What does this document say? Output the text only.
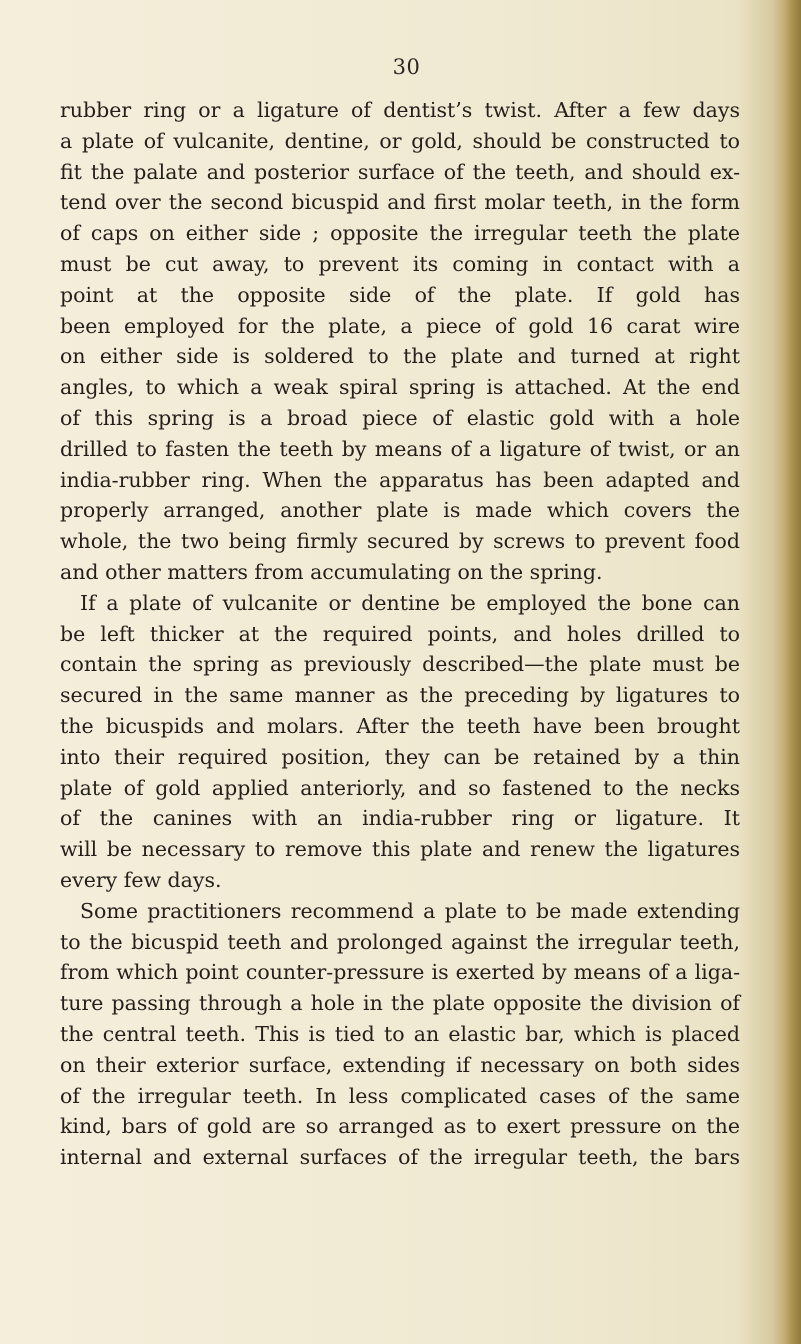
30
rubber ring or a ligature of dentist’s twist. After a few days
a plate of vulcanite, dentine, or gold, should be constructed to
fit the palate and posterior surface of the teeth, and should ex-
tend over the second bicuspid and first molar teeth, in the form
of caps on either side ; opposite the irregular teeth the plate
must be cut away, to prevent its coming in contact with a
point at the opposite side of the plate. If gold has
been employed for the plate, a piece of gold 16 carat wire
on either side is soldered to the plate and turned at right
angles, to which a weak spiral spring is attached. At the end
of this spring is a broad piece of elastic gold with a hole
drilled to fasten the teeth by means of a ligature of twist, or an
india-rubber ring. When the apparatus has been adapted and
properly arranged, another plate is made which covers the
whole, the two being firmly secured by screws to prevent food
and other matters from accumulating on the spring.
If a plate of vulcanite or dentine be employed the bone can
be left thicker at the required points, and holes drilled to
contain the spring as previously described—the plate must be
secured in the same manner as the preceding by ligatures to
the bicuspids and molars. After the teeth have been brought
into their required position, they can be retained by a thin
plate of gold applied anteriorly, and so fastened to the necks
of the canines with an india-rubber ring or ligature. It
will be necessary to remove this plate and renew the ligatures
every few days.
Some practitioners recommend a plate to be made extending
to the bicuspid teeth and prolonged against the irregular teeth,
from which point counter-pressure is exerted by means of a liga-
ture passing through a hole in the plate opposite the division of
the central teeth. This is tied to an elastic bar, which is placed
on their exterior surface, extending if necessary on both sides
of the irregular teeth. In less complicated cases of the same
kind, bars of gold are so arranged as to exert pressure on the
internal and external surfaces of the irregular teeth, the bars
